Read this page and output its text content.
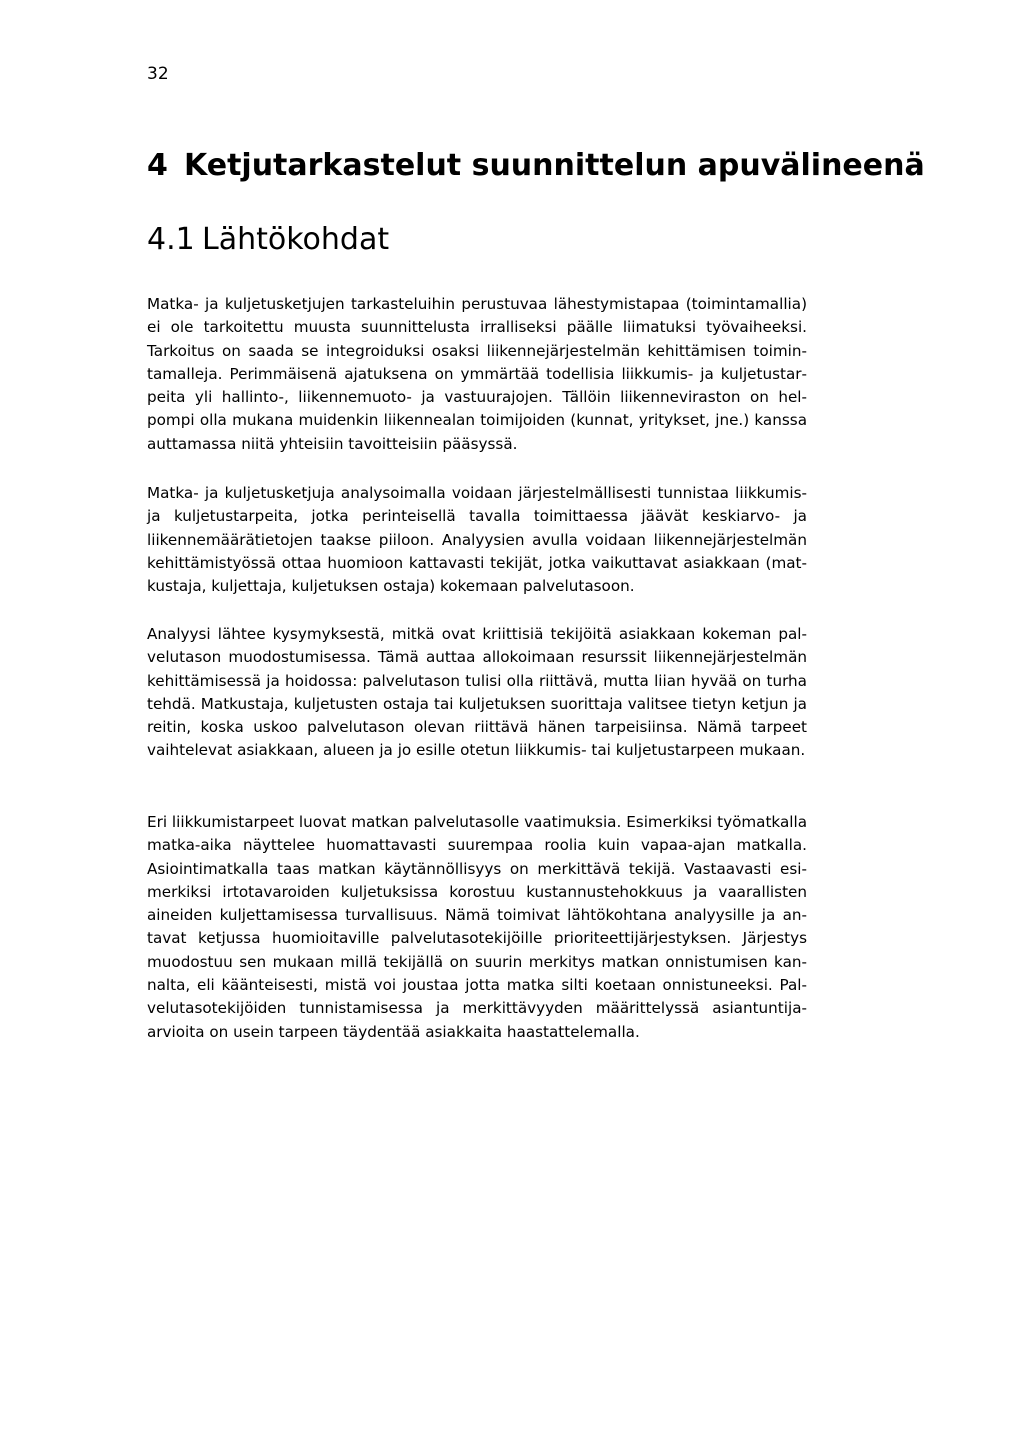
32
4 Ketjutarkastelut suunnittelun apuvälineenä
4.1 Lähtökohdat

Matka- ja kuljetusketjujen tarkasteluihin perustuvaa lähestymistapaa (toimintamallia) ei ole tarkoitettu muusta suunnittelusta irralliseksi päälle liimatuksi työvaiheeksi. Tarkoitus on saada se integroiduksi osaksi liikennejärjestelmän kehittämisen toimintamalleja. Perimmäisenä ajatuksena on ymmärtää todellisia liikkumis- ja kuljetustarpeita yli hallinto-, liikennemuoto- ja vastuurajojen. Tällöin liikenneviraston on helpompi olla mukana muidenkin liikennealan toimijoiden (kunnat, yritykset, jne.) kanssa auttamassa niitä yhteisiin tavoitteisiin pääsyssä.

Matka- ja kuljetusketjuja analysoimalla voidaan järjestelmällisesti tunnistaa liikkumis- ja kuljetustarpeita, jotka perinteisellä tavalla toimittaessa jäävät keskiarvo- ja liikennemäärätietojen taakse piiloon. Analyysien avulla voidaan liikennejärjestelmän kehittämistyössä ottaa huomioon kattavasti tekijät, jotka vaikuttavat asiakkaan (matkustaja, kuljettaja, kuljetuksen ostaja) kokemaan palvelutasoon.

Analyysi lähtee kysymyksestä, mitkä ovat kriittisiä tekijöitä asiakkaan kokeman palvelutason muodostumisessa. Tämä auttaa allokoimaan resurssit liikennejärjestelmän kehittämisessä ja hoidossa: palvelutason tulisi olla riittävä, mutta liian hyvää on turha tehdä. Matkustaja, kuljetusten ostaja tai kuljetuksen suorittaja valitsee tietyn ketjun ja reitin, koska uskoo palvelutason olevan riittävä hänen tarpeisiinsa. Nämä tarpeet vaihtelevat asiakkaan, alueen ja jo esille otetun liikkumis- tai kuljetustarpeen mukaan.

Eri liikkumistarpeet luovat matkan palvelutasolle vaatimuksia. Esimerkiksi työmatkalla matka-aika näyttelee huomattavasti suurempaa roolia kuin vapaa-ajan matkalla. Asiointimatkalla taas matkan käytännöllisyys on merkittävä tekijä. Vastaavasti esimerkiksi irtotavaroiden kuljetuksissa korostuu kustannustehokkuus ja vaarallisten aineiden kuljettamisessa turvallisuus. Nämä toimivat lähtökohtana analyysille ja antavat ketjussa huomioitaville palvelutasotekijöille prioriteettijärjestyksen. Järjestys muodostuu sen mukaan millä tekijällä on suurin merkitys matkan onnistumisen kannalta, eli käänteisesti, mistä voi joustaa jotta matka silti koetaan onnistuneeksi. Palvelutasotekijöiden tunnistamisessa ja merkittävyyden määrittelyssä asiantuntijaarvioita on usein tarpeen täydentää asiakkaita haastattelemalla.
